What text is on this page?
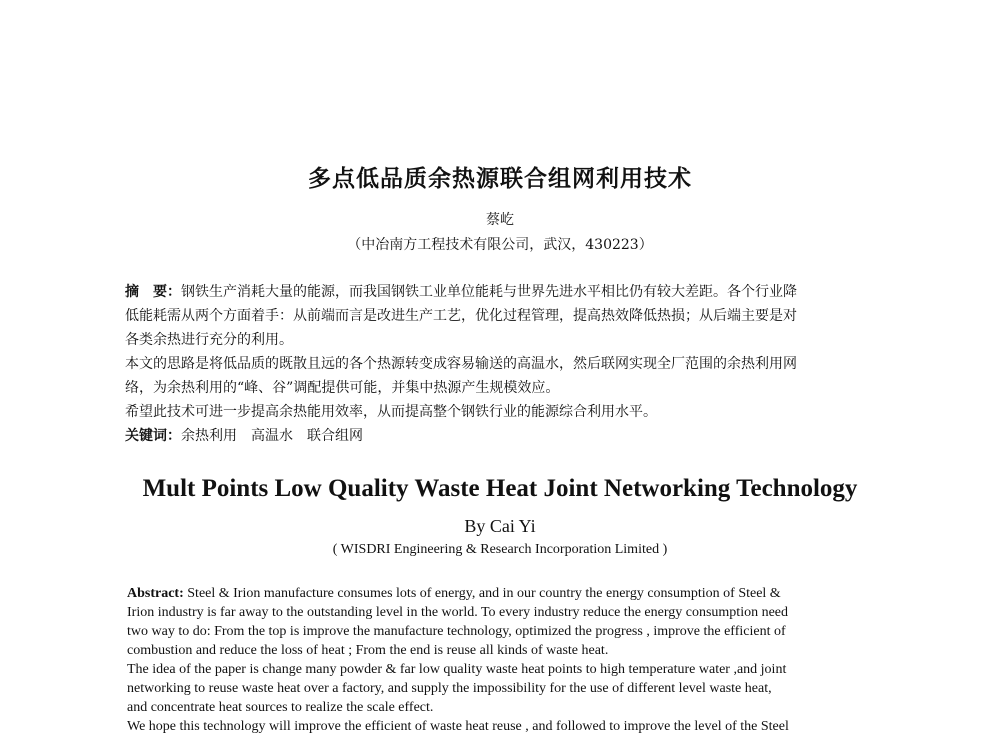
多点低品质余热源联合组网利用技术
蔡屹
（中冶南方工程技术有限公司，武汉，430223）
摘　要：钢铁生产消耗大量的能源，而我国钢铁工业单位能耗与世界先进水平相比仍有较大差距。各个行业降
低能耗需从两个方面着手：从前端而言是改进生产工艺，优化过程管理，提高热效降低热损；从后端主要是对
各类余热进行充分的利用。
本文的思路是将低品质的既散且远的各个热源转变成容易输送的高温水，然后联网实现全厂范围的余热利用网
络，为余热利用的“峰、谷”调配提供可能，并集中热源产生规模效应。
希望此技术可进一步提高余热能用效率，从而提高整个钢铁行业的能源综合利用水平。
关键词：余热利用　高温水　联合组网
Mult Points Low Quality Waste Heat Joint Networking Technology
By Cai Yi
( WISDRI Engineering & Research Incorporation Limited )
Abstract: Steel & Irion manufacture consumes lots of energy, and in our country the energy consumption of Steel &
Irion industry is far away to the outstanding level in the world. To every industry reduce the energy consumption need
two way to do: From the top is improve the manufacture technology, optimized the progress , improve the efficient of
combustion and reduce the loss of heat ; From the end is reuse all kinds of waste heat.
The idea of the paper is change many powder & far low quality waste heat points to high temperature water ,and joint
networking to reuse waste heat over a factory, and supply the impossibility for the use of different level waste heat,
and concentrate heat sources to realize the scale effect.
We hope this technology will improve the efficient of waste heat reuse , and followed to improve the level of the Steel
